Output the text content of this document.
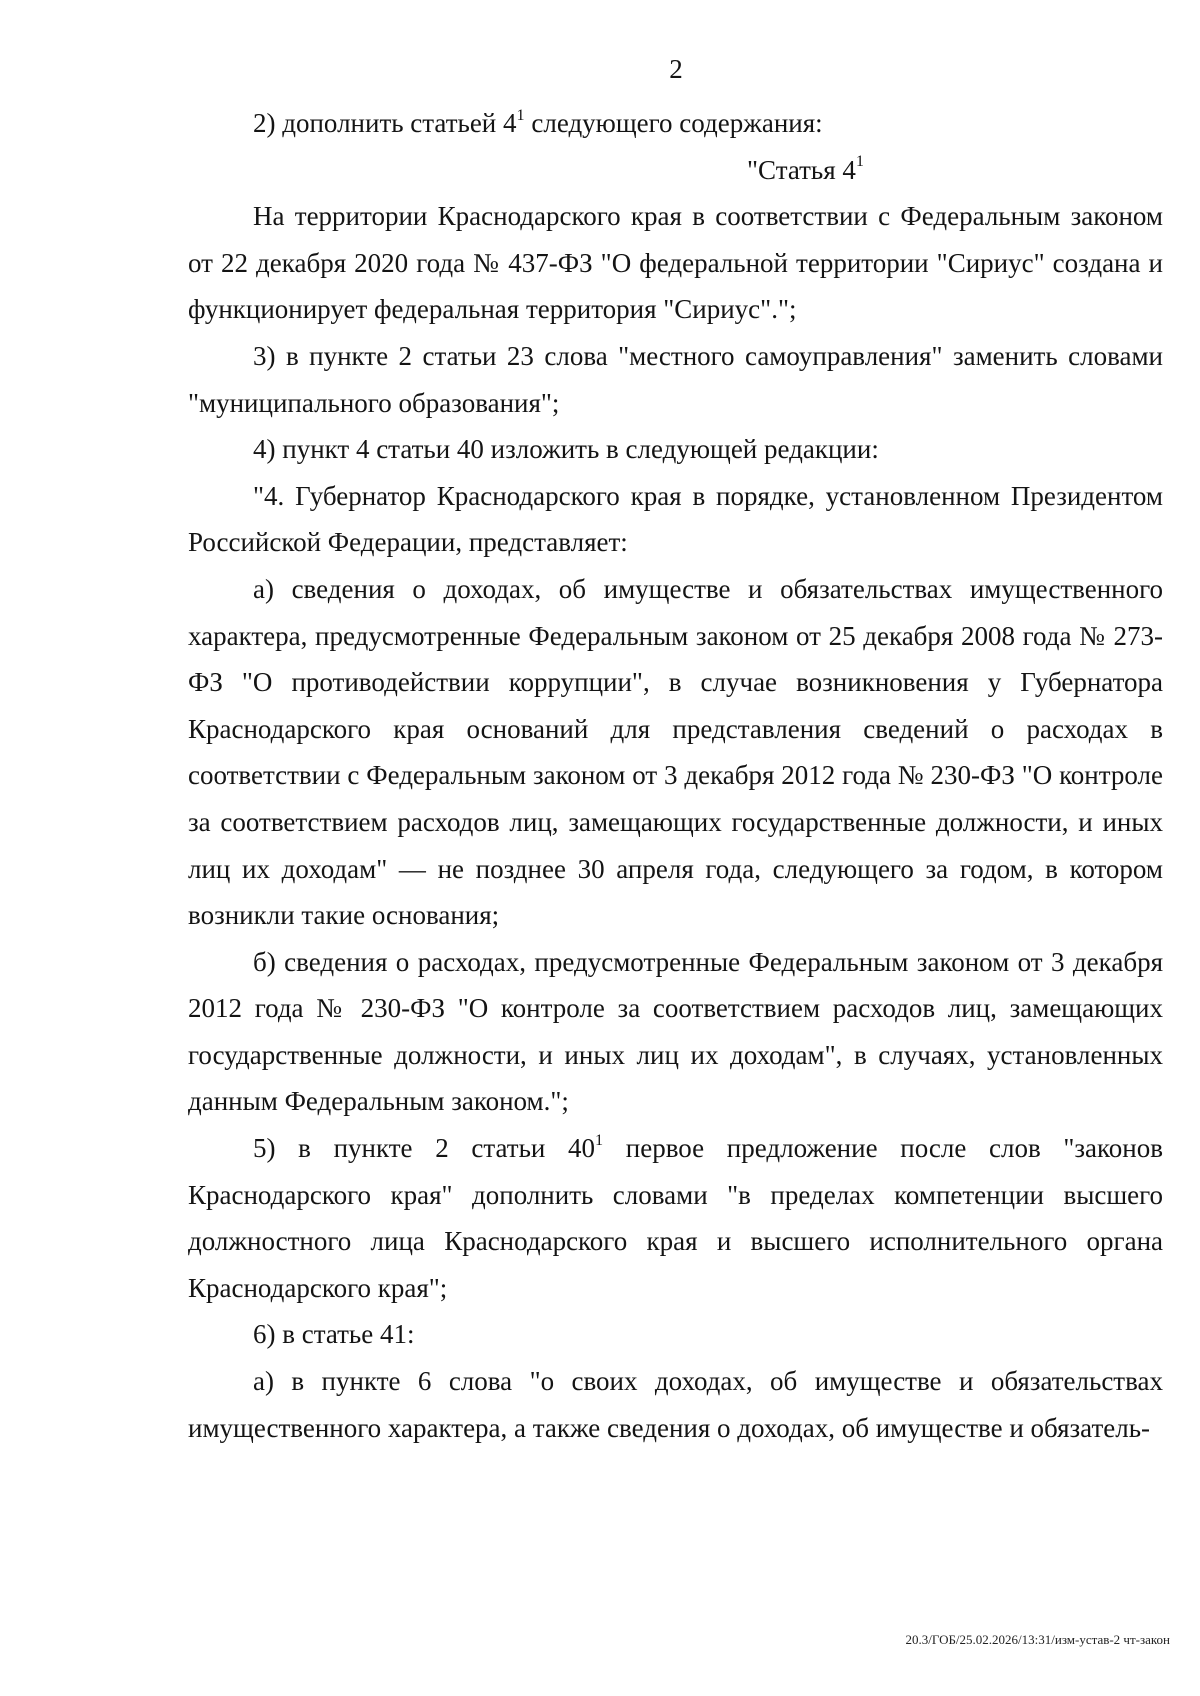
2

2) дополнить статьей $4^1$ следующего содержания:

"Статья $4^1$

На территории Краснодарского края в соответствии с Федеральным законом от 22 декабря 2020 года № 437-ФЗ "О федеральной территории "Сириус" создана и функционирует федеральная территория "Сириус".";

3) в пункте 2 статьи 23 слова "местного самоуправления" заменить словами "муниципального образования";

4) пункт 4 статьи 40 изложить в следующей редакции:

"4. Губернатор Краснодарского края в порядке, установленном Президентом Российской Федерации, представляет:

а) сведения о доходах, об имуществе и обязательствах имущественного характера, предусмотренные Федеральным законом от 25 декабря 2008 года № 273-ФЗ "О противодействии коррупции", в случае возникновения у Губернатора Краснодарского края оснований для представления сведений о расходах в соответствии с Федеральным законом от 3 декабря 2012 года № 230-ФЗ "О контроле за соответствием расходов лиц, замещающих государственные должности, и иных лиц их доходам" — не позднее 30 апреля года, следующего за годом, в котором возникли такие основания;

б) сведения о расходах, предусмотренные Федеральным законом от 3 декабря 2012 года № 230-ФЗ "О контроле за соответствием расходов лиц, замещающих государственные должности, и иных лиц их доходам", в случаях, установленных данным Федеральным законом.";

5) в пункте 2 статьи $40^1$ первое предложение после слов "законов Краснодарского края" дополнить словами "в пределах компетенции высшего должностного лица Краснодарского края и высшего исполнительного органа Краснодарского края";

6) в статье 41:

а) в пункте 6 слова "о своих доходах, об имуществе и обязательствах имущественного характера, а также сведения о доходах, об имуществе и обязатель-

20.3/ГОБ/25.02.2026/13:31/изм-устав-2 чт-закон
